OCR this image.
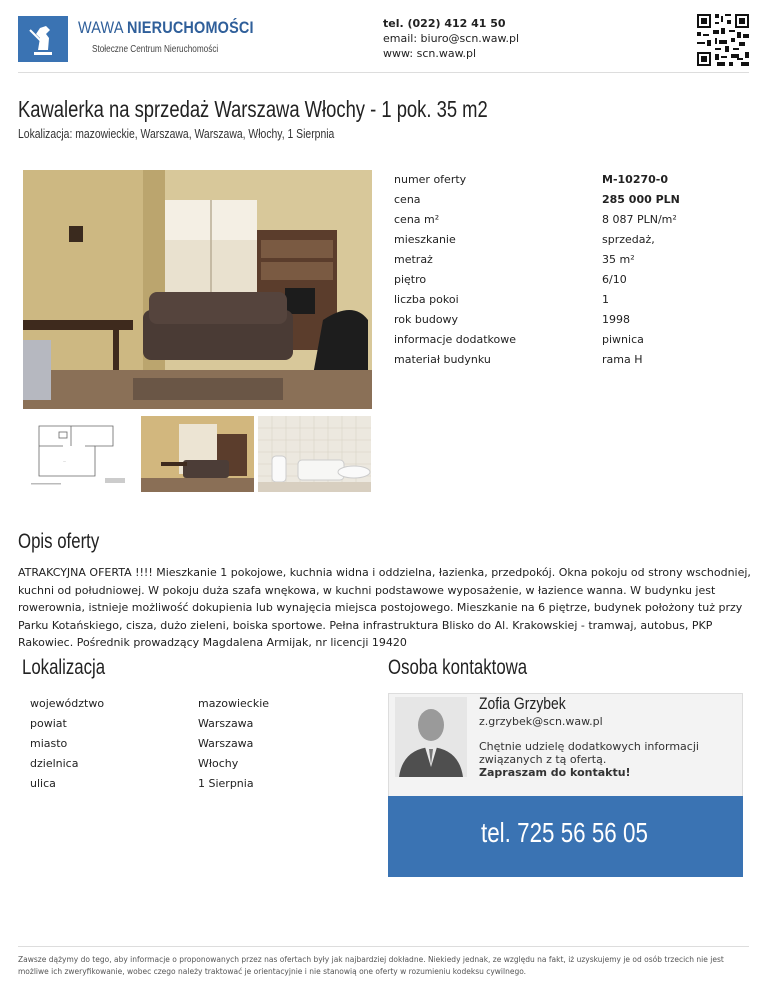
WAWA NIERUCHOMOŚCI
Stołeczne Centrum Nieruchomości
tel. (022) 412 41 50
email: biuro@scn.waw.pl
www: scn.waw.pl
Kawalerka na sprzedaż Warszawa Włochy - 1 pok. 35 m2
Lokalizacja: mazowieckie, Warszawa, Warszawa, Włochy, 1 Sierpnia
—
numer oferty	M-10270-0
cena	285 000 PLN
cena m²	8 087 PLN/m²
mieszkanie	sprzedaż,
metraż	35 m²
piętro	6/10
liczba pokoi	1
rok budowy	1998
informacje dodatkowe	piwnica
materiał budynku	rama H
Opis oferty

ATRAKCYJNA OFERTA !!!! Mieszkanie 1 pokojowe, kuchnia widna i oddzielna, łazienka, przedpokój. Okna pokoju od strony wschodniej, kuchni od południowej. W pokoju duża szafa wnękowa, w kuchni podstawowe wyposażenie, w łazience wanna. W budynku jest rowerownia, istnieje możliwość dokupienia lub wynajęcia miejsca postojowego. Mieszkanie na 6 piętrze, budynek położony tuż przy Parku Kotańskiego, cisza, dużo zieleni, boiska sportowe. Pełna infrastruktura Blisko do Al. Krakowskiej - tramwaj, autobus, PKP Rakowiec. Pośrednik prowadzący Magdalena Armijak, nr licencji 19420

Lokalizacja
województwo	mazowieckie
powiat	Warszawa
miasto	Warszawa
dzielnica	Włochy
ulica	1 Sierpnia
Osoba kontaktowa
Zofia Grzybek
z.grzybek@scn.waw.pl
Chętnie udzielę dodatkowych informacji związanych z tą ofertą.
Zapraszam do kontaktu!
tel. 725 56 56 05
Zawsze dążymy do tego, aby informacje o proponowanych przez nas ofertach były jak najbardziej dokładne. Niekiedy jednak, ze względu na fakt, iż uzyskujemy je od osób trzecich nie jest możliwe ich zweryfikowanie, wobec czego należy traktować je orientacyjnie i nie stanowią one oferty w rozumieniu kodeksu cywilnego.
